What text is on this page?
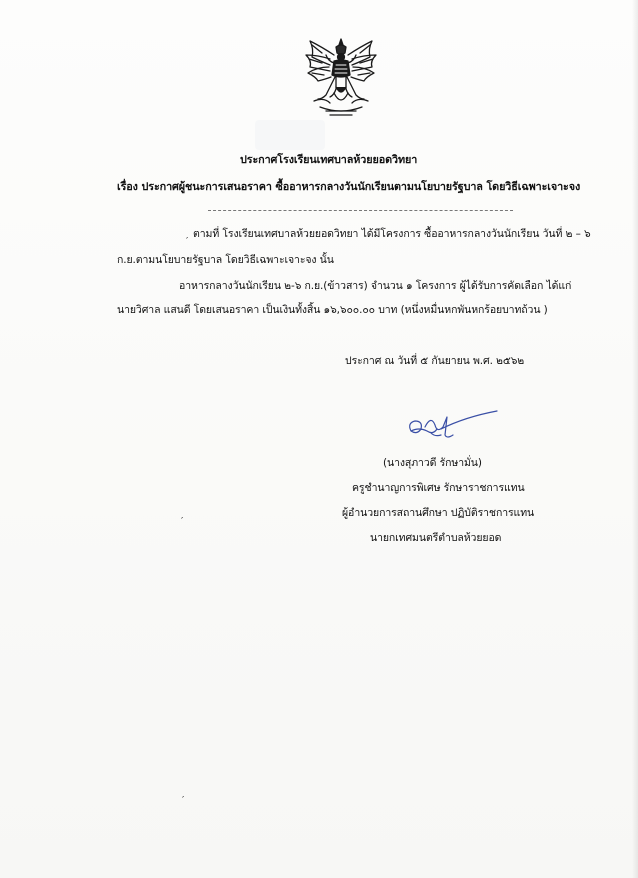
ประกาศโรงเรียนเทศบาลห้วยยอดวิทยา
เรื่อง ประกาศผู้ชนะการเสนอราคา ซื้ออาหารกลางวันนักเรียนตามนโยบายรัฐบาล โดยวิธีเฉพาะเจาะจง
ตามที่ โรงเรียนเทศบาลห้วยยอดวิทยา ได้มีโครงการ ซื้ออาหารกลางวันนักเรียน วันที่ ๒ – ๖
ก.ย.ตามนโยบายรัฐบาล โดยวิธีเฉพาะเจาะจง นั้น
อาหารกลางวันนักเรียน ๒-๖ ก.ย.(ข้าวสาร) จำนวน ๑ โครงการ ผู้ได้รับการคัดเลือก ได้แก่
นายวิศาล แสนดี โดยเสนอราคา เป็นเงินทั้งสิ้น ๑๖,๖๐๐.๐๐ บาท (หนึ่งหมื่นหกพันหกร้อยบาทถ้วน )
ประกาศ ณ วันที่ ๕ กันยายน พ.ศ. ๒๕๖๒
(นางสุภาวดี รักษามั่น)
ครูชำนาญการพิเศษ รักษาราชการแทน
ผู้อำนวยการสถานศึกษา ปฏิบัติราชการแทน
นายกเทศมนตรีตำบลห้วยยอด
′
′
′
